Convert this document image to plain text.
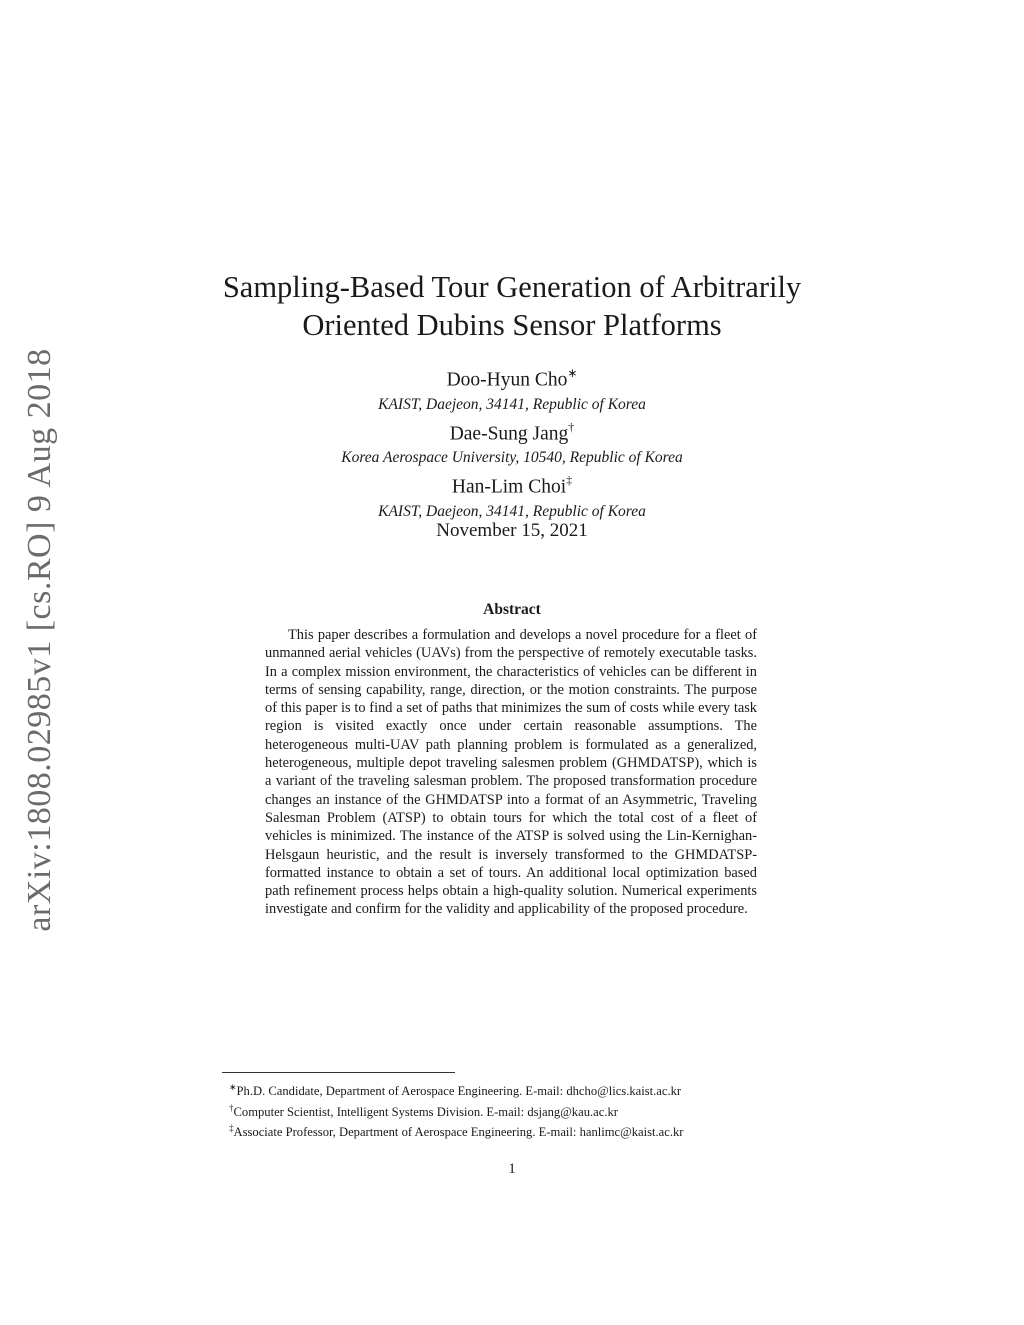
arXiv:1808.02985v1 [cs.RO] 9 Aug 2018
Sampling-Based Tour Generation of Arbitrarily
Oriented Dubins Sensor Platforms
Doo-Hyun Cho∗
KAIST, Daejeon, 34141, Republic of Korea
Dae-Sung Jang†
Korea Aerospace University, 10540, Republic of Korea
Han-Lim Choi‡
KAIST, Daejeon, 34141, Republic of Korea
November 15, 2021
Abstract

This paper describes a formulation and develops a novel procedure for a fleet of unmanned aerial vehicles (UAVs) from the perspective of remotely executable tasks. In a complex mission environment, the characteristics of vehicles can be different in terms of sensing capability, range, direction, or the motion constraints. The purpose of this paper is to find a set of paths that minimizes the sum of costs while every task region is visited exactly once under certain reasonable assumptions. The heterogeneous multi-UAV path planning problem is formulated as a generalized, heterogeneous, multiple depot traveling salesmen problem (GHMDATSP), which is a variant of the traveling salesman problem. The proposed transformation procedure changes an instance of the GHMDATSP into a format of an Asymmetric, Traveling Salesman Problem (ATSP) to obtain tours for which the total cost of a fleet of vehicles is minimized. The instance of the ATSP is solved using the Lin-Kernighan-Helsgaun heuristic, and the result is inversely transformed to the GHMDATSP-formatted instance to obtain a set of tours. An additional local optimization based path refinement process helps obtain a high-quality solution. Numerical experiments investigate and confirm for the validity and applicability of the proposed procedure.

∗Ph.D. Candidate, Department of Aerospace Engineering. E-mail: dhcho@lics.kaist.ac.kr
†Computer Scientist, Intelligent Systems Division. E-mail: dsjang@kau.ac.kr
‡Associate Professor, Department of Aerospace Engineering. E-mail: hanlimc@kaist.ac.kr
1
